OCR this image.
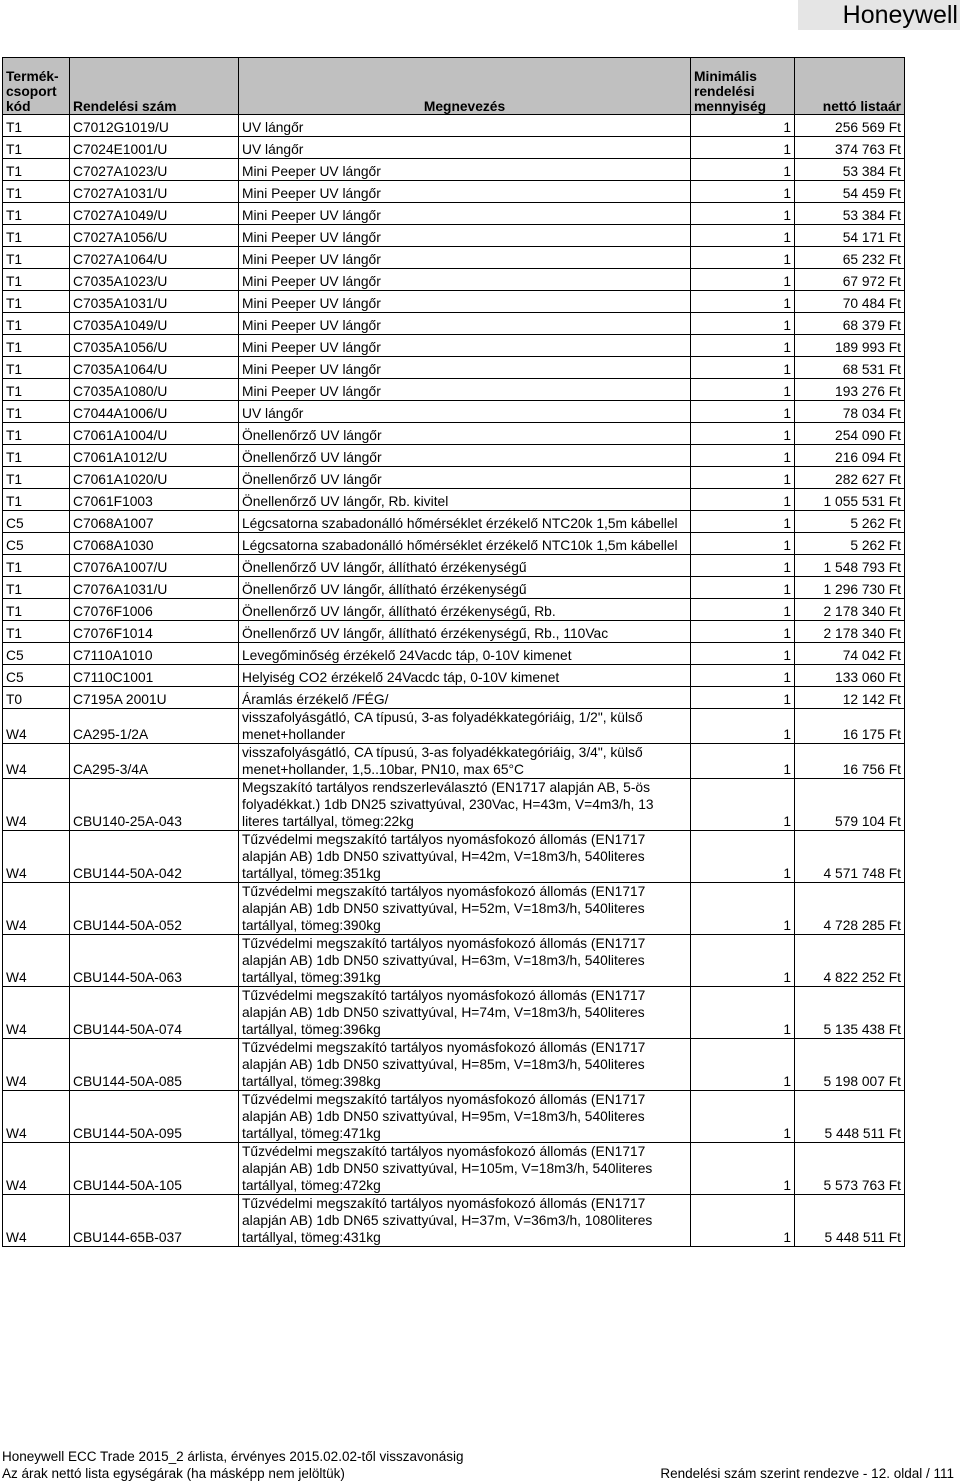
Honeywell
Termék-
csoport
kód	Rendelési szám	Megnevezés	Minimális
rendelési
mennyiség	nettó listaár
T1	C7012G1019/U	UV lángőr	1	256 569 Ft
T1	C7024E1001/U	UV lángőr	1	374 763 Ft
T1	C7027A1023/U	Mini Peeper UV lángőr	1	53 384 Ft
T1	C7027A1031/U	Mini Peeper UV lángőr	1	54 459 Ft
T1	C7027A1049/U	Mini Peeper UV lángőr	1	53 384 Ft
T1	C7027A1056/U	Mini Peeper UV lángőr	1	54 171 Ft
T1	C7027A1064/U	Mini Peeper UV lángőr	1	65 232 Ft
T1	C7035A1023/U	Mini Peeper UV lángőr	1	67 972 Ft
T1	C7035A1031/U	Mini Peeper UV lángőr	1	70 484 Ft
T1	C7035A1049/U	Mini Peeper UV lángőr	1	68 379 Ft
T1	C7035A1056/U	Mini Peeper UV lángőr	1	189 993 Ft
T1	C7035A1064/U	Mini Peeper UV lángőr	1	68 531 Ft
T1	C7035A1080/U	Mini Peeper UV lángőr	1	193 276 Ft
T1	C7044A1006/U	UV lángőr	1	78 034 Ft
T1	C7061A1004/U	Önellenőrző UV lángőr	1	254 090 Ft
T1	C7061A1012/U	Önellenőrző UV lángőr	1	216 094 Ft
T1	C7061A1020/U	Önellenőrző UV lángőr	1	282 627 Ft
T1	C7061F1003	Önellenőrző UV lángőr, Rb. kivitel	1	1 055 531 Ft
C5	C7068A1007	Légcsatorna szabadonálló hőmérséklet érzékelő NTC20k 1,5m kábellel	1	5 262 Ft
C5	C7068A1030	Légcsatorna szabadonálló hőmérséklet érzékelő NTC10k 1,5m kábellel	1	5 262 Ft
T1	C7076A1007/U	Önellenőrző UV lángőr, állítható érzékenységű	1	1 548 793 Ft
T1	C7076A1031/U	Önellenőrző UV lángőr, állítható érzékenységű	1	1 296 730 Ft
T1	C7076F1006	Önellenőrző UV lángőr, állítható érzékenységű, Rb.	1	2 178 340 Ft
T1	C7076F1014	Önellenőrző UV lángőr, állítható érzékenységű, Rb., 110Vac	1	2 178 340 Ft
C5	C7110A1010	Levegőminőség érzékelő 24Vacdc táp, 0-10V kimenet	1	74 042 Ft
C5	C7110C1001	Helyiség CO2 érzékelő 24Vacdc táp, 0-10V kimenet	1	133 060 Ft
T0	C7195A 2001U	Áramlás érzékelő /FÉG/	1	12 142 Ft
W4	CA295-1/2A	visszafolyásgátló, CA típusú, 3-as folyadékkategóriáig, 1/2", külső menet+hollander	1	16 175 Ft
W4	CA295-3/4A	visszafolyásgátló, CA típusú, 3-as folyadékkategóriáig, 3/4", külső menet+hollander, 1,5..10bar, PN10, max 65°C	1	16 756 Ft
W4	CBU140-25A-043	Megszakító tartályos rendszerleválasztó (EN1717 alapján AB, 5-ös folyadékkat.) 1db DN25 szivattyúval, 230Vac, H=43m, V=4m3/h, 13 literes tartállyal, tömeg:22kg	1	579 104 Ft
W4	CBU144-50A-042	Tűzvédelmi megszakító tartályos nyomásfokozó állomás (EN1717 alapján AB) 1db DN50 szivattyúval, H=42m, V=18m3/h, 540literes tartállyal, tömeg:351kg	1	4 571 748 Ft
W4	CBU144-50A-052	Tűzvédelmi megszakító tartályos nyomásfokozó állomás (EN1717 alapján AB) 1db DN50 szivattyúval, H=52m, V=18m3/h, 540literes tartállyal, tömeg:390kg	1	4 728 285 Ft
W4	CBU144-50A-063	Tűzvédelmi megszakító tartályos nyomásfokozó állomás (EN1717 alapján AB) 1db DN50 szivattyúval, H=63m, V=18m3/h, 540literes tartállyal, tömeg:391kg	1	4 822 252 Ft
W4	CBU144-50A-074	Tűzvédelmi megszakító tartályos nyomásfokozó állomás (EN1717 alapján AB) 1db DN50 szivattyúval, H=74m, V=18m3/h, 540literes tartállyal, tömeg:396kg	1	5 135 438 Ft
W4	CBU144-50A-085	Tűzvédelmi megszakító tartályos nyomásfokozó állomás (EN1717 alapján AB) 1db DN50 szivattyúval, H=85m, V=18m3/h, 540literes tartállyal, tömeg:398kg	1	5 198 007 Ft
W4	CBU144-50A-095	Tűzvédelmi megszakító tartályos nyomásfokozó állomás (EN1717 alapján AB) 1db DN50 szivattyúval, H=95m, V=18m3/h, 540literes tartállyal, tömeg:471kg	1	5 448 511 Ft
W4	CBU144-50A-105	Tűzvédelmi megszakító tartályos nyomásfokozó állomás (EN1717 alapján AB) 1db DN50 szivattyúval, H=105m, V=18m3/h, 540literes tartállyal, tömeg:472kg	1	5 573 763 Ft
W4	CBU144-65B-037	Tűzvédelmi megszakító tartályos nyomásfokozó állomás (EN1717 alapján AB) 1db DN65 szivattyúval, H=37m, V=36m3/h, 1080literes tartállyal, tömeg:431kg	1	5 448 511 Ft
Honeywell ECC Trade 2015_2 árlista, érvényes 2015.02.02-től visszavonásig
Az árak nettó lista egységárak (ha másképp nem jelöltük)	Rendelési szám szerint rendezve - 12. oldal / 111
